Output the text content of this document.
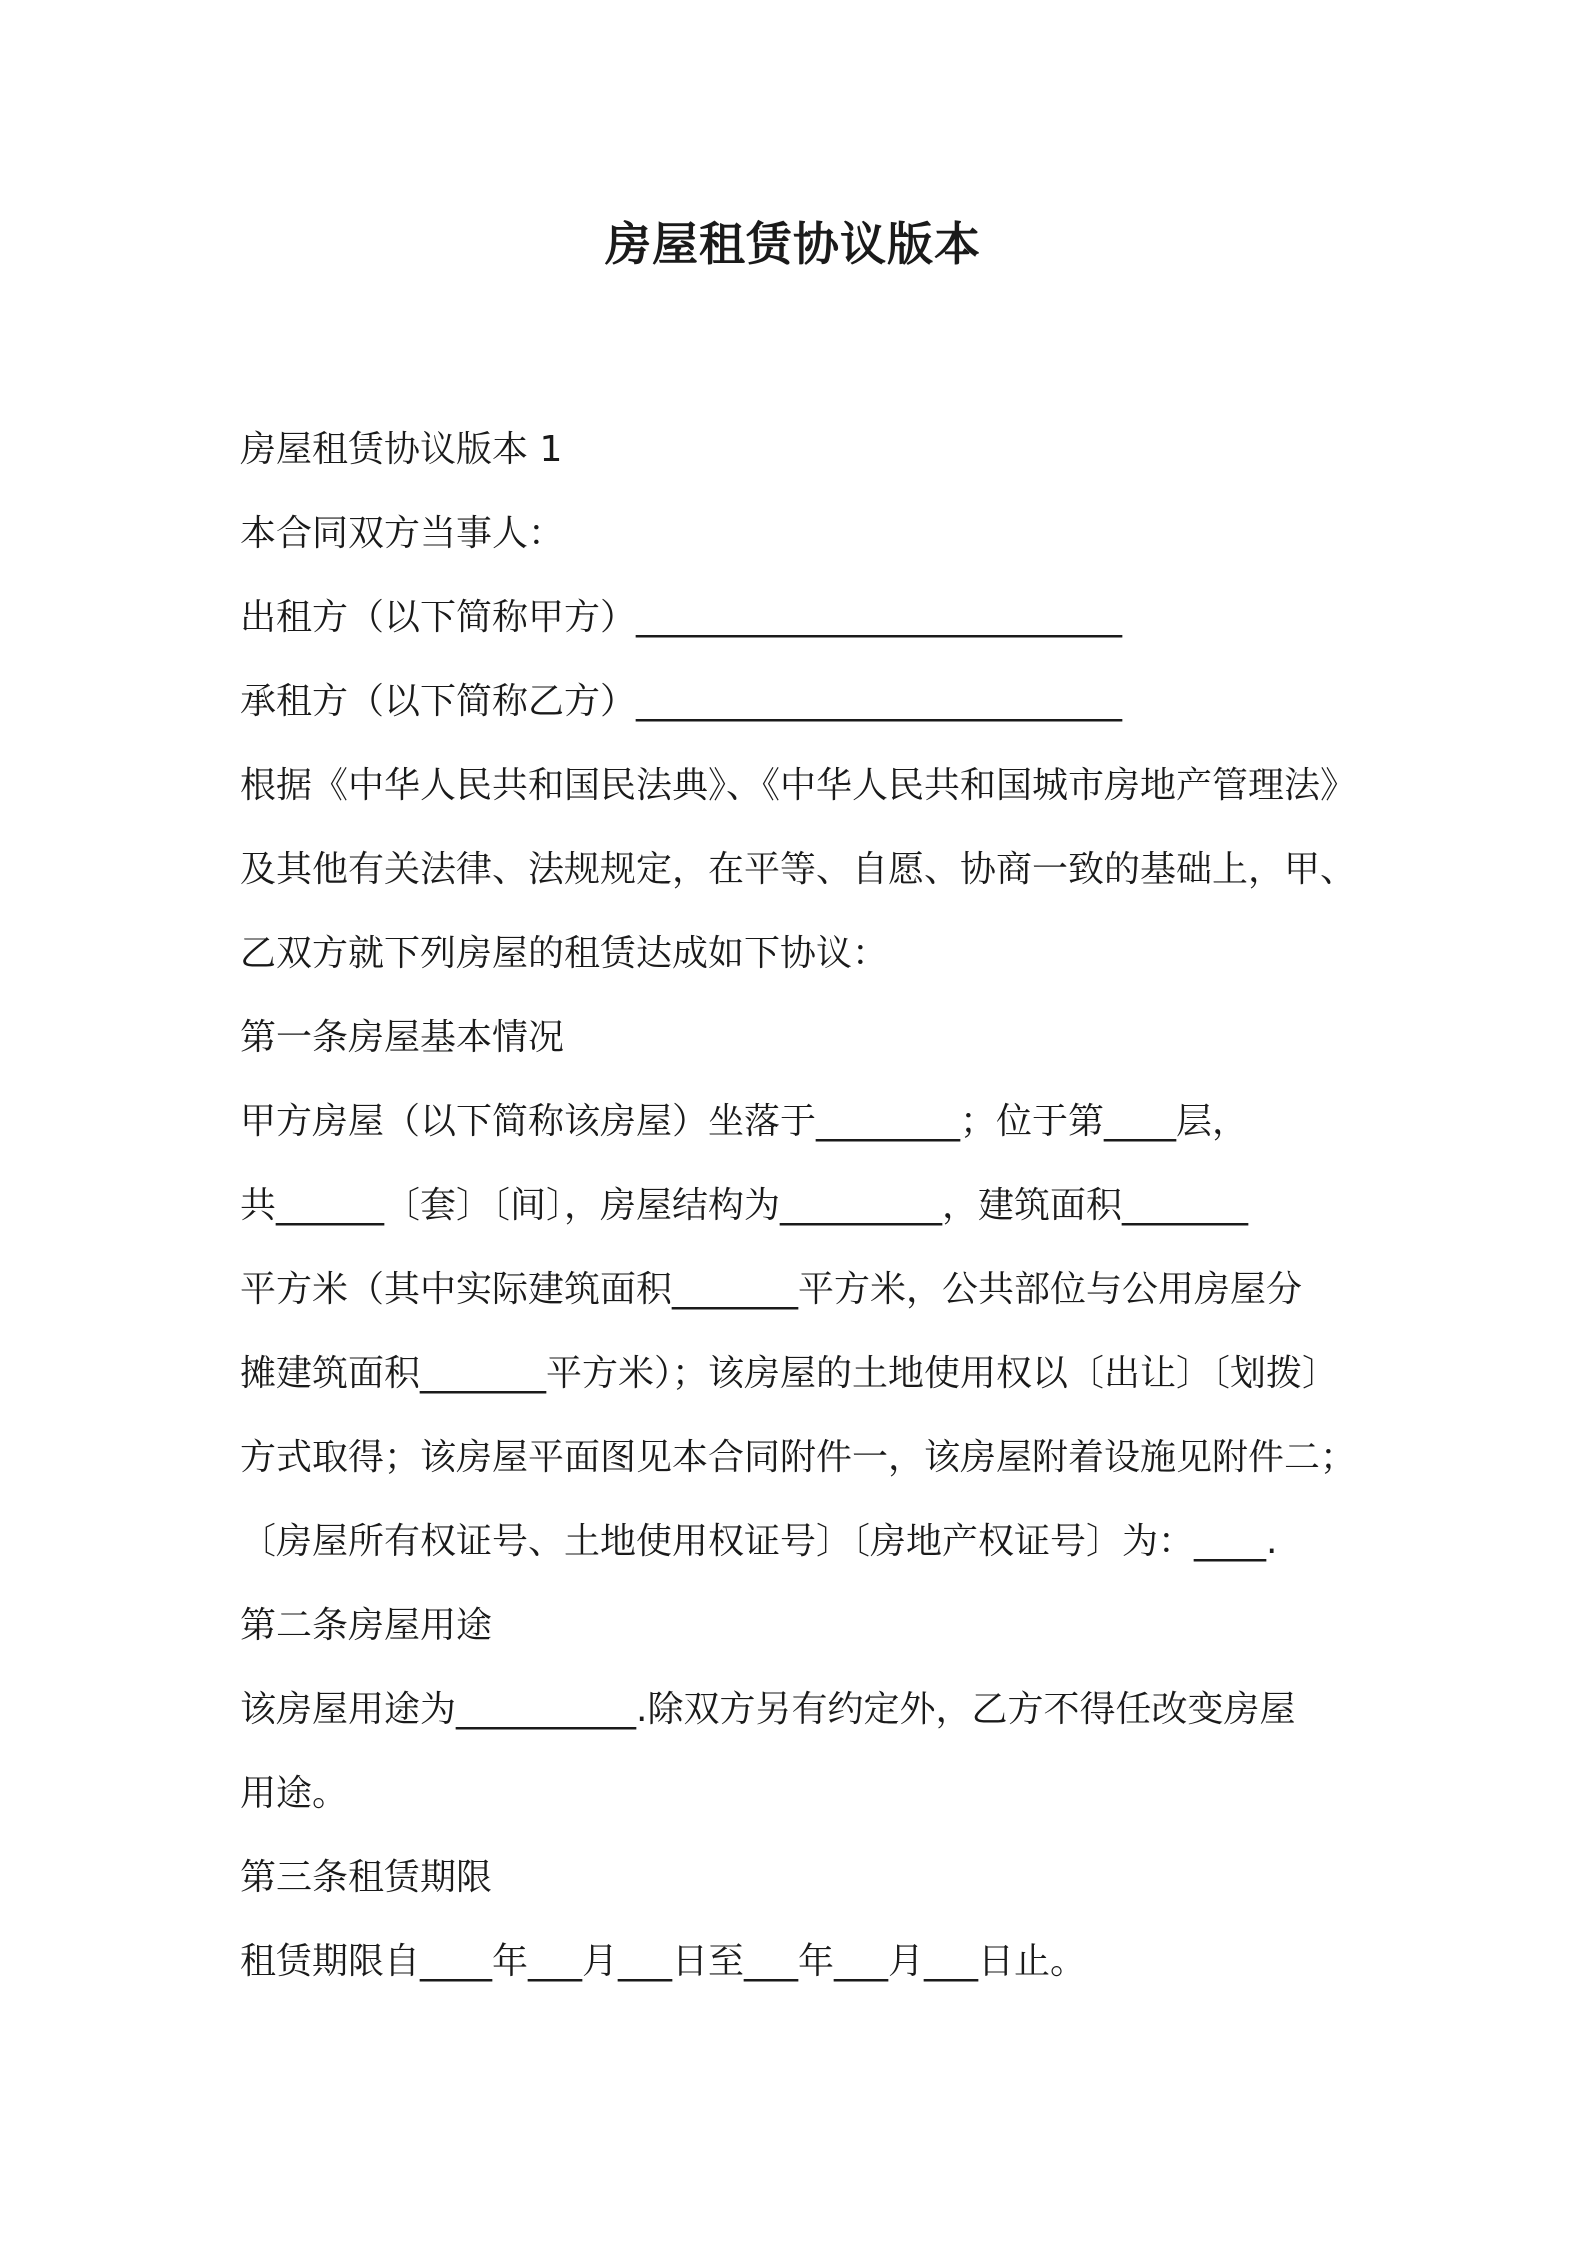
房屋租赁协议版本
房屋租赁协议版本 1
本合同双方当事人：
出租方（以下简称甲方）___________________________
承租方（以下简称乙方）___________________________
根据《中华人民共和国民法典》、《中华人民共和国城市房地产管理法》
及其他有关法律、法规规定，在平等、自愿、协商一致的基础上，甲、
乙双方就下列房屋的租赁达成如下协议：
第一条房屋基本情况
甲方房屋（以下简称该房屋）坐落于________；位于第____层，
共______〔套〕〔间〕，房屋结构为_________，建筑面积_______
平方米（其中实际建筑面积_______平方米，公共部位与公用房屋分
摊建筑面积_______平方米）；该房屋的土地使用权以〔出让〕〔划拨〕
方式取得；该房屋平面图见本合同附件一，该房屋附着设施见附件二；
〔房屋所有权证号、土地使用权证号〕〔房地产权证号〕为：____.
第二条房屋用途
该房屋用途为__________.除双方另有约定外，乙方不得任改变房屋
用途。
第三条租赁期限
租赁期限自____年___月___日至___年___月___日止。
